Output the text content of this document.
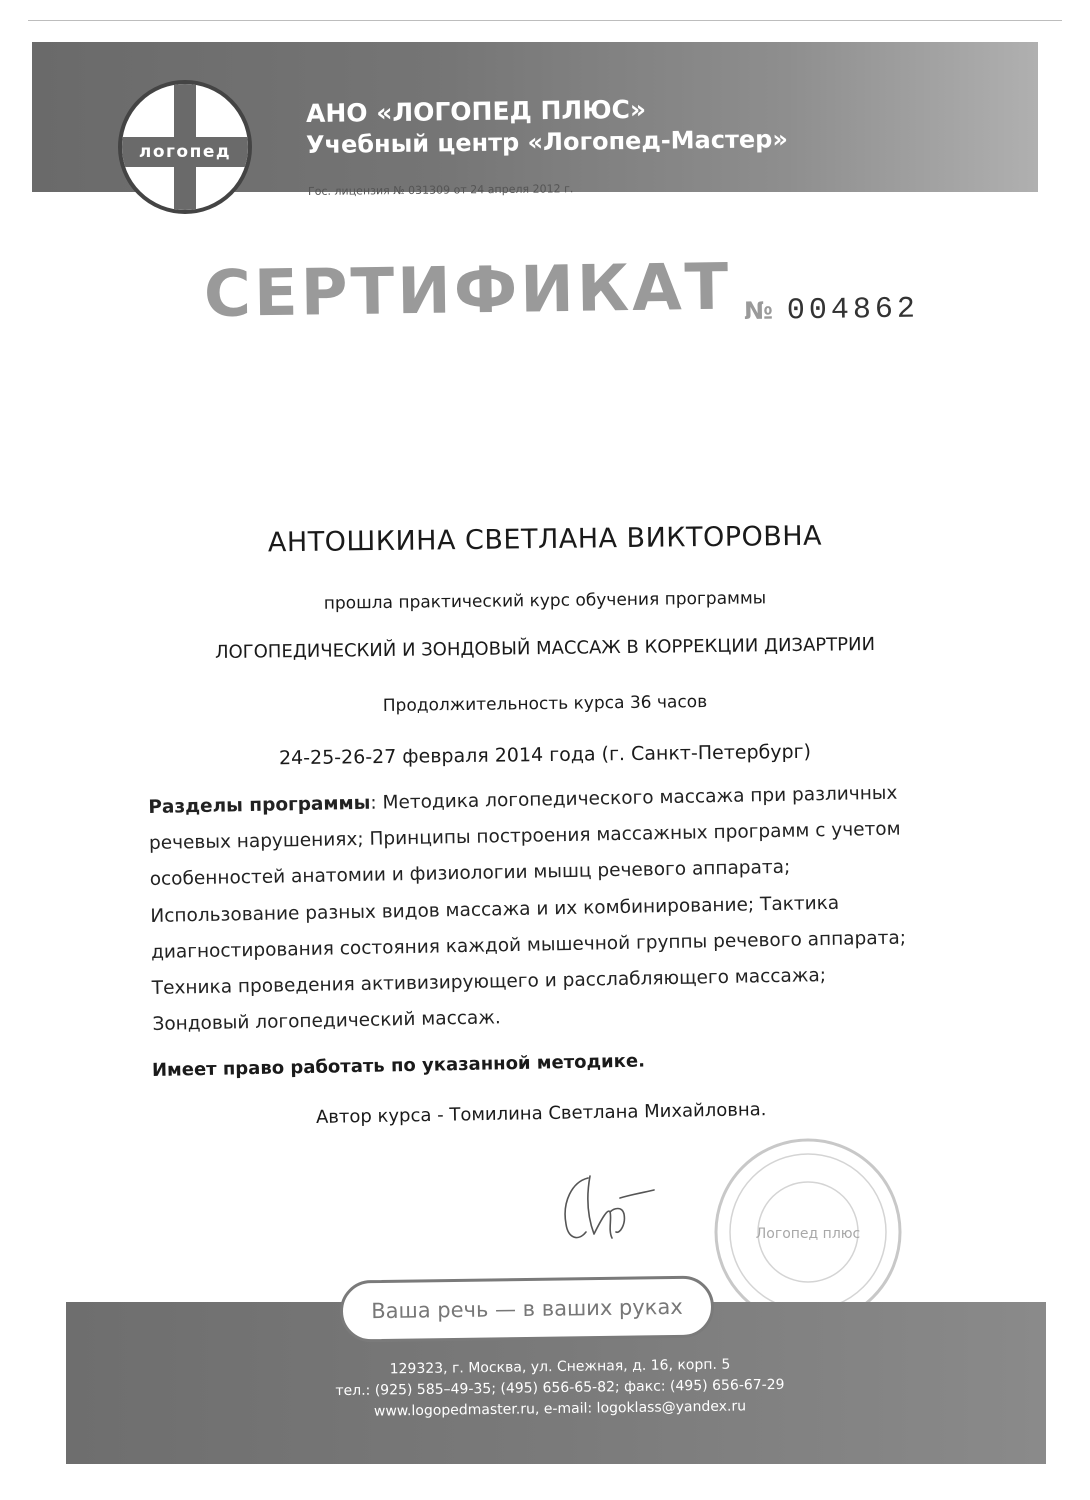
логопед
АНО «ЛОГОПЕД ПЛЮС»
Учебный центр «Логопед-Мастер»
Гос. лицензия № 031309 от 24 апреля 2012 г.
СЕРТИФИКАТ № 004862
АНТОШКИНА СВЕТЛАНА ВИКТОРОВНА
прошла практический курс обучения программы
ЛОГОПЕДИЧЕСКИЙ И ЗОНДОВЫЙ МАССАЖ В КОРРЕКЦИИ ДИЗАРТРИИ
Продолжительность курса 36 часов
24-25-26-27 февраля 2014 года (г. Санкт-Петербург)
Разделы программы: Методика логопедического массажа при различных
речевых нарушениях; Принципы построения массажных программ с учетом
особенностей анатомии и физиологии мышц речевого аппарата;
Использование разных видов массажа и их комбинирование; Тактика
диагностирования состояния каждой мышечной группы речевого аппарата;
Техника проведения активизирующего и расслабляющего массажа;
Зондовый логопедический массаж.
Имеет право работать по указанной методике.
Автор курса - Томилина Светлана Михайловна.
Логопед плюс
Ваша речь — в ваших руках
129323, г. Москва, ул. Снежная, д. 16, корп. 5
тел.: (925) 585–49-35; (495) 656-65-82; факс: (495) 656-67-29
www.logopedmaster.ru, e-mail: logoklass@yandex.ru
